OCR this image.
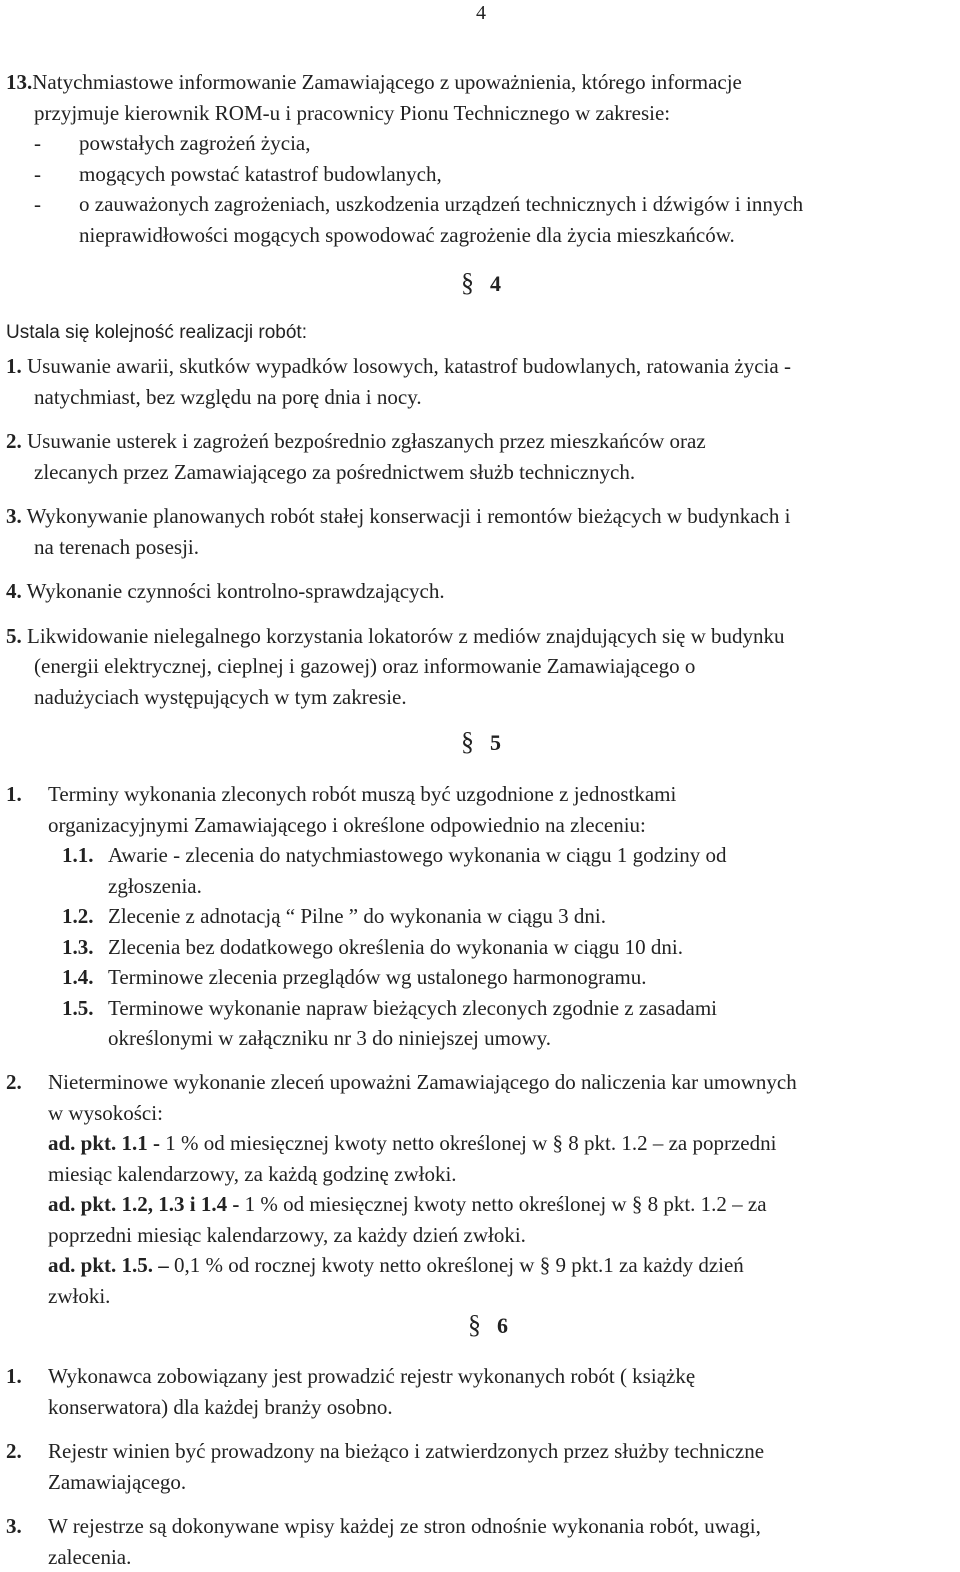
4
13.Natychmiastowe informowanie Zamawiającego z upoważnienia, którego informacje
przyjmuje kierownik ROM-u i pracownicy Pionu Technicznego w zakresie:
- powstałych zagrożeń życia,
- mogących powstać katastrof budowlanych,
- o zauważonych zagrożeniach, uszkodzenia urządzeń technicznych i dźwigów i innych
nieprawidłowości mogących spowodować zagrożenie dla życia mieszkańców.
§ 4
Ustala się kolejność realizacji robót:
1. Usuwanie awarii, skutków wypadków losowych, katastrof budowlanych, ratowania życia -
natychmiast, bez względu na porę dnia i nocy.
2. Usuwanie usterek i zagrożeń bezpośrednio zgłaszanych przez mieszkańców oraz
zlecanych przez Zamawiającego za pośrednictwem służb technicznych.
3. Wykonywanie planowanych robót stałej konserwacji i remontów bieżących w budynkach i
na terenach posesji.
4. Wykonanie czynności kontrolno-sprawdzających.
5. Likwidowanie nielegalnego korzystania lokatorów z mediów znajdujących się w budynku
(energii elektrycznej, cieplnej i gazowej) oraz informowanie Zamawiającego o
nadużyciach występujących w tym zakresie.
§ 5
1. Terminy wykonania zleconych robót muszą być uzgodnione z jednostkami
organizacyjnymi Zamawiającego i określone odpowiednio na zleceniu:
1.1. Awarie - zlecenia do natychmiastowego wykonania w ciągu 1 godziny od
zgłoszenia.
1.2. Zlecenie z adnotacją “ Pilne ” do wykonania w ciągu 3 dni.
1.3. Zlecenia bez dodatkowego określenia do wykonania w ciągu 10 dni.
1.4. Terminowe zlecenia przeglądów wg ustalonego harmonogramu.
1.5. Terminowe wykonanie napraw bieżących zleconych zgodnie z zasadami
określonymi w załączniku nr 3 do niniejszej umowy.
2. Nieterminowe wykonanie zleceń upoważni Zamawiającego do naliczenia kar umownych
w wysokości:
ad. pkt. 1.1 - 1 % od miesięcznej kwoty netto określonej w § 8 pkt. 1.2 – za poprzedni
miesiąc kalendarzowy, za każdą godzinę zwłoki.
ad. pkt. 1.2, 1.3 i 1.4 - 1 % od miesięcznej kwoty netto określonej w § 8 pkt. 1.2 – za
poprzedni miesiąc kalendarzowy, za każdy dzień zwłoki.
ad. pkt. 1.5. – 0,1 % od rocznej kwoty netto określonej w § 9 pkt.1 za każdy dzień
zwłoki.
§ 6
1. Wykonawca zobowiązany jest prowadzić rejestr wykonanych robót ( książkę
konserwatora) dla każdej branży osobno.
2. Rejestr winien być prowadzony na bieżąco i zatwierdzonych przez służby techniczne
Zamawiającego.
3. W rejestrze są dokonywane wpisy każdej ze stron odnośnie wykonania robót, uwagi,
zalecenia.
